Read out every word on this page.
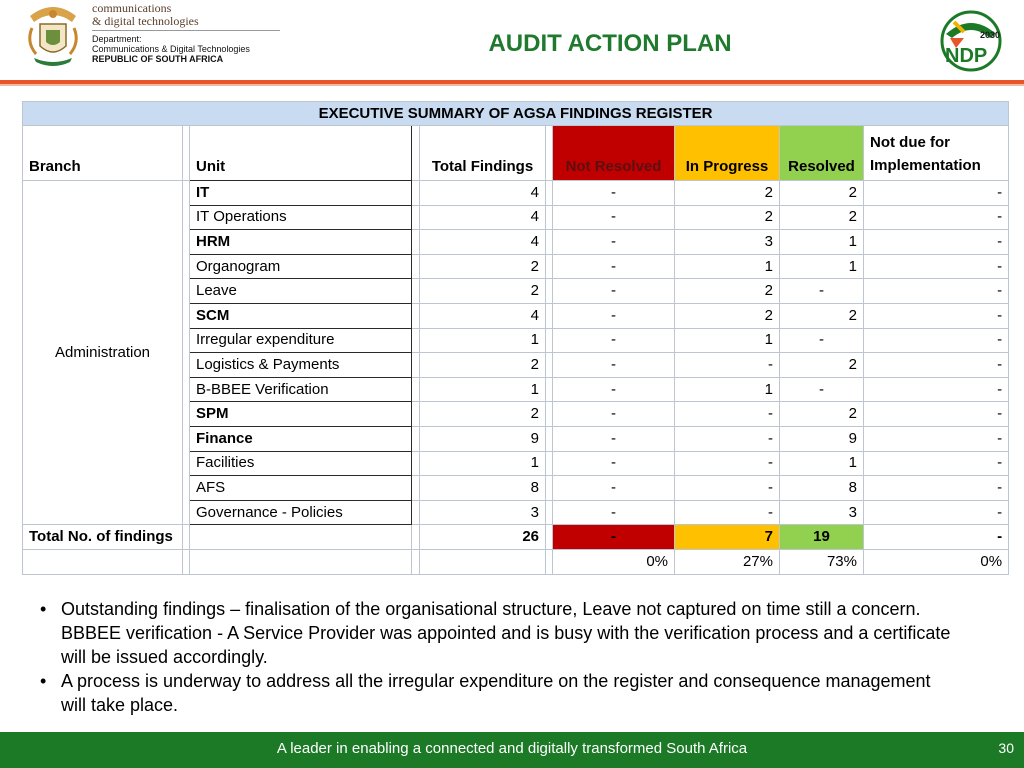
communications
& digital technologies
Department:
Communications & Digital Technologies
REPUBLIC OF SOUTH AFRICA
AUDIT ACTION PLAN	2030
NDP
EXECUTIVE SUMMARY OF AGSA FINDINGS REGISTER									
Branch		Unit		Total Findings		Not Resolved	In Progress	Resolved	Not due for
Implementation
Administration		IT		4		-	2	2	-
		IT Operations		4		-	2	2	-
		HRM		4		-	3	1	-
		Organogram		2		-	1	1	-
		Leave		2		-	2	-	-
		SCM		4		-	2	2	-
		Irregular expenditure		1		-	1	-	-
		Logistics & Payments		2		-	-	2	-
		B-BBEE Verification		1		-	1	-	-
		SPM		2		-	-	2	-
		Finance		9		-	-	9	-
		Facilities		1		-	-	1	-
		AFS		8		-	-	8	-
		Governance - Policies		3		-	-	3	-
Total No. of findings				26		-	7	19	-
						0%	27%	73%	0%

• Outstanding findings – finalisation of the organisational structure, Leave not captured on time still a concern. BBBEE verification - A Service Provider was appointed and is busy with the verification process and a certificate will be issued accordingly.

• A process is underway to address all the irregular expenditure on the register and consequence management will take place.

A leader in enabling a connected and digitally transformed South Africa	30
